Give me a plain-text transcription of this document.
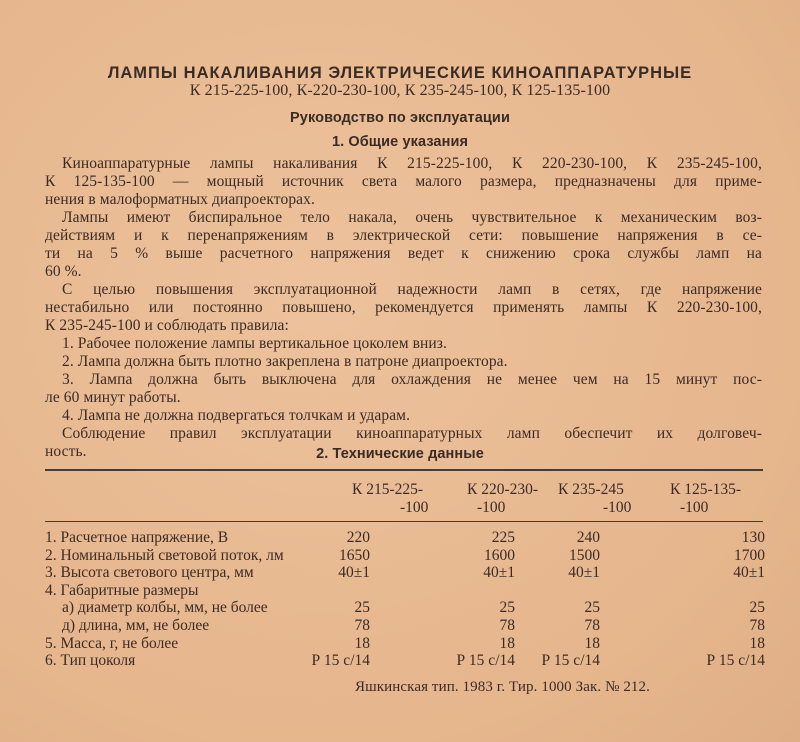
ЛАМПЫ НАКАЛИВАНИЯ ЭЛЕКТРИЧЕСКИЕ КИНОАППАРАТУРНЫЕ
К 215-225-100, К-220-230-100, К 235-245-100, К 125-135-100
Руководство по эксплуатации
1. Общие указания
Киноаппаратурные лампы накаливания К 215-225-100, К 220-230-100, К 235-245-100,
К 125-135-100 — мощный источник света малого размера, предназначены для приме-
нения в малоформатных диапроекторах.
Лампы имеют биспиральное тело накала, очень чувствительное к механическим воз-
действиям и к перенапряжениям в электрической сети: повышение напряжения в се-
ти на 5 % выше расчетного напряжения ведет к снижению срока службы ламп на
60 %.
С целью повышения эксплуатационной надежности ламп в сетях, где напряжение
нестабильно или постоянно повышено, рекомендуется применять лампы К 220-230-100,
К 235-245-100 и соблюдать правила:
1. Рабочее положение лампы вертикальное цоколем вниз.
2. Лампа должна быть плотно закреплена в патроне диапроектора.
3. Лампа должна быть выключена для охлаждения не менее чем на 15 минут пос-
ле 60 минут работы.
4. Лампа не должна подвергаться толчкам и ударам.
Соблюдение правил эксплуатации киноаппаратурных ламп обеспечит их долговеч-
ность.	2. Технические данные
К 215-225-
-100
К 220-230-
-100
К 235-245
-100
К 125-135-
-100
1. Расчетное напряжение, В	220	225	240	130
2. Номинальный световой поток, лм	1650	1600	1500	1700
3. Высота светового центра, мм	40±1	40±1	40±1	40±1
4. Габаритные размеры
а) диаметр колбы, мм, не более	25	25	25	25
д) длина, мм, не более	78	78	78	78
5. Масса, г, не более	18	18	18	18
6. Тип цоколя	Р 15 с/14	Р 15 с/14	Р 15 с/14	Р 15 с/14
Яшкинская тип. 1983 г. Тир. 1000 Зак. № 212.
